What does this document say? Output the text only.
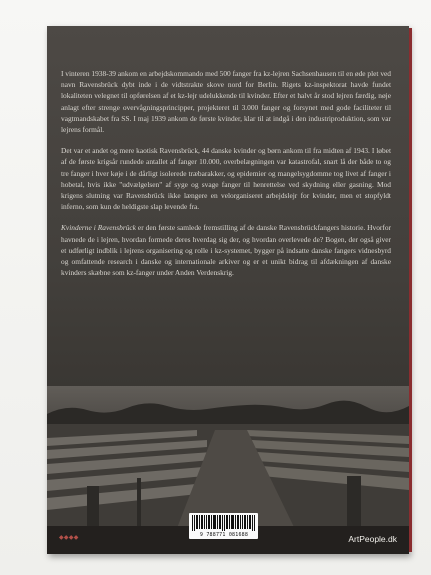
I vinteren 1938-39 ankom en arbejdskommando med 500 fanger fra kz-lejren Sachsenhausen til en øde plet ved navn Ravensbrück dybt inde i de vidtstrakte skove nord for Berlin. Rigets kz-inspektorat havde fundet lokaliteten velegnet til opførelsen af et kz-lejr udelukkende til kvinder. Efter et halvt år stod lejren færdig, nøje anlagt efter strenge overvågningsprincipper, projekteret til 3.000 fanger og forsynet med gode faciliteter til vagtmandskabet fra SS. I maj 1939 ankom de første kvinder, klar til at indgå i den industriproduktion, som var lejrens formål.

Det var et andet og mere kaotisk Ravensbrück, 44 danske kvinder og børn ankom til fra midten af 1943. I løbet af de første krigsår rundede antallet af fanger 10.000, overbelægningen var katastrofal, snart lå der både to og tre fanger i hver køje i de dårligt isolerede træbarakker, og epidemier og mangelsygdomme tog livet af fanger i hobetal, hvis ikke "udvælgelsen" af syge og svage fanger til henrettelse ved skydning eller gasning. Mod krigens slutning var Ravensbrück ikke længere en velorganiseret arbejdslejr for kvinder, men et stopfyldt inferno, som kun de heldigste slap levende fra.

Kvinderne i Ravensbrück er den første samlede fremstilling af de danske Ravensbrückfangers historie. Hvorfor havnede de i lejren, hvordan formede deres hverdag sig der, og hvordan overlevede de? Bogen, der også giver et udførligt indblik i lejrens organisering og rolle i kz-systemet, bygger på indsatte danske fangers vidnesbyrd og omfattende research i danske og internationale arkiver og er et unikt bidrag til afdækningen af danske kvinders skæbne som kz-fanger under Anden Verdenskrig.

◆◆◆◆	9 788771 081688	ArtPeople.dk
